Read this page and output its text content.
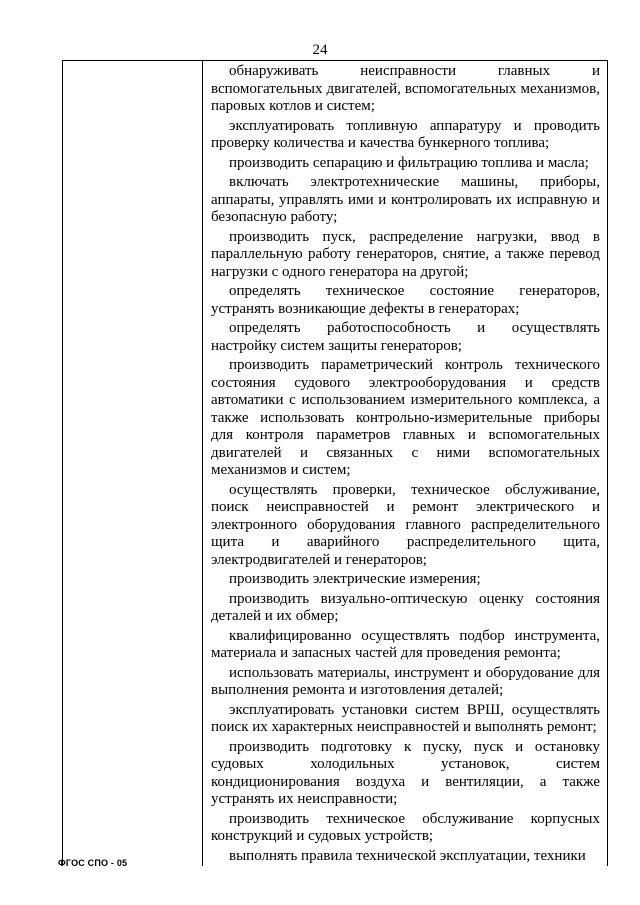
24

обнаруживать неисправности главных и вспомогательных двигателей, вспомогательных механизмов, паровых котлов и систем;

эксплуатировать топливную аппаратуру и проводить проверку количества и качества бункерного топлива;

производить сепарацию и фильтрацию топлива и масла;

включать электротехнические машины, приборы, аппараты, управлять ими и контролировать их исправную и безопасную работу;

производить пуск, распределение нагрузки, ввод в параллельную работу генераторов, снятие, а также перевод нагрузки с одного генератора на другой;

определять техническое состояние генераторов, устранять возникающие дефекты в генераторах;

определять работоспособность и осуществлять настройку систем защиты генераторов;

производить параметрический контроль технического состояния судового электрооборудования и средств автоматики с использованием измерительного комплекса, а также использовать контрольно-измерительные приборы для контроля параметров главных и вспомогательных двигателей и связанных с ними вспомогательных механизмов и систем;

осуществлять проверки, техническое обслуживание, поиск неисправностей и ремонт электрического и электронного оборудования главного распределительного щита и аварийного распределительного щита, электродвигателей и генераторов;

производить электрические измерения;

производить визуально-оптическую оценку состояния деталей и их обмер;

квалифицированно осуществлять подбор инструмента, материала и запасных частей для проведения ремонта;

использовать материалы, инструмент и оборудование для выполнения ремонта и изготовления деталей;

эксплуатировать установки систем ВРШ, осуществлять поиск их характерных неисправностей и выполнять ремонт;

производить подготовку к пуску, пуск и остановку судовых холодильных установок, систем кондиционирования воздуха и вентиляции, а также устранять их неисправности;

производить техническое обслуживание корпусных конструкций и судовых устройств;

выполнять правила технической эксплуатации, техники

ФГОС СПО - 05
